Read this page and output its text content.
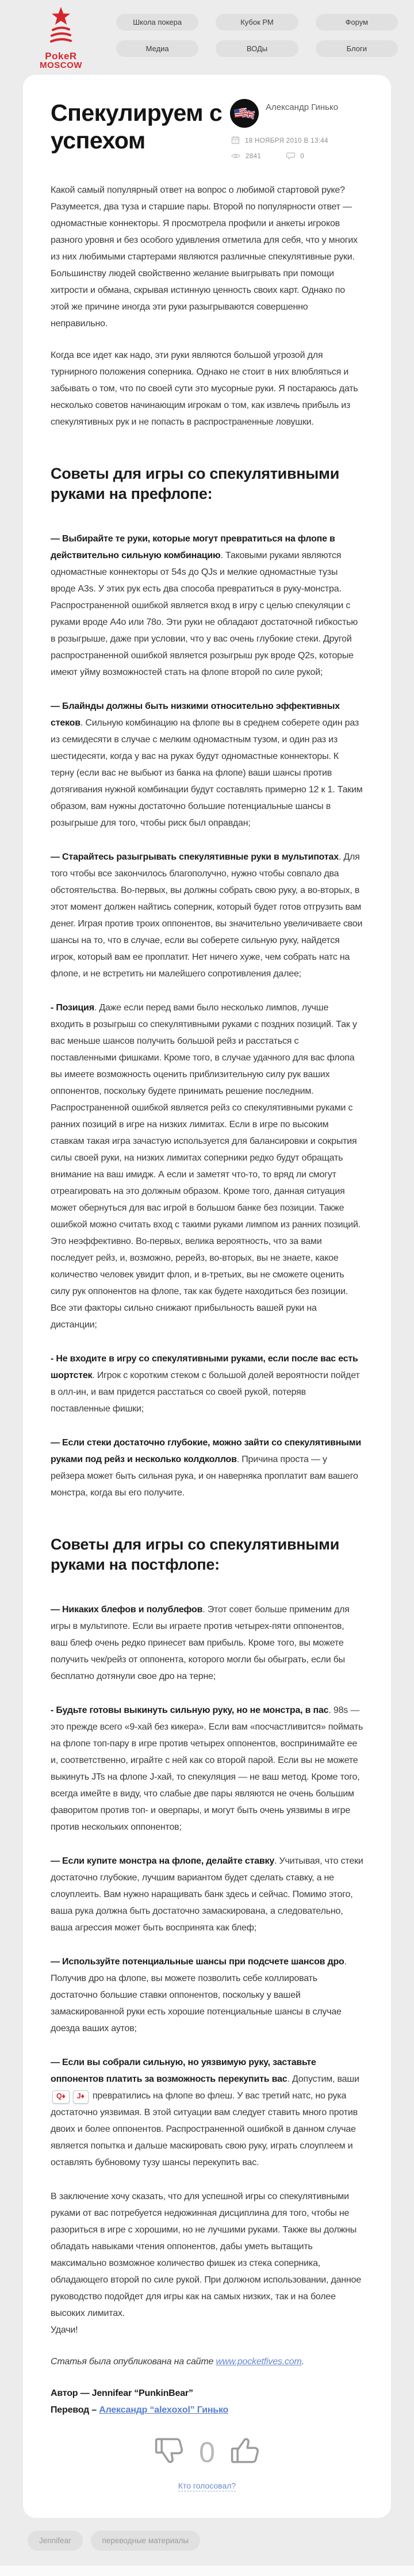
PokeR
MOSCOW
Школа покера	Кубок РМ	Форум
Медиа	ВОДы	Блоги
Спекулируем с успехом
Александр Гинько
18 НОЯБРЯ 2010 В 13:44
2841	0

Какой самый популярный ответ на вопрос о любимой стартовой руке? Разумеется, два туза и старшие пары. Второй по популярности ответ — одномастные коннекторы. Я просмотрела профили и анкеты игроков разного уровня и без особого удивления отметила для себя, что у многих из них любимыми стартерами являются различные спекулятивные руки. Большинству людей свойственно желание выигрывать при помощи хитрости и обмана, скрывая истинную ценность своих карт. Однако по этой же причине иногда эти руки разыгрываются совершенно неправильно.

Когда все идет как надо, эти руки являются большой угрозой для турнирного положения соперника. Однако не стоит в них влюбляться и забывать о том, что по своей сути это мусорные руки. Я постараюсь дать несколько советов начинающим игрокам о том, как извлечь прибыль из спекулятивных рук и не попасть в распространенные ловушки.

Советы для игры со спекулятивными руками на префлопе:

— Выбирайте те руки, которые могут превратиться на флопе в действительно сильную комбинацию. Таковыми руками являются одномастные коннекторы от 54s до QJs и мелкие одномастные тузы вроде A3s. У этих рук есть два способа превратиться в руку-монстра. Распространенной ошибкой является вход в игру с целью спекуляции с руками вроде A4o или 78o. Эти руки не обладают достаточной гибкостью в розыгрыше, даже при условии, что у вас очень глубокие стеки. Другой распространенной ошибкой является розыгрыш рук вроде Q2s, которые имеют уйму возможностей стать на флопе второй по силе рукой;

— Блайнды должны быть низкими относительно эффективных стеков. Сильную комбинацию на флопе вы в среднем соберете один раз из семидесяти в случае с мелким одномастным тузом, и один раз из шестидесяти, когда у вас на руках будут одномастные коннекторы. К терну (если вас не выбьют из банка на флопе) ваши шансы против дотягивания нужной комбинации будут составлять примерно 12 к 1. Таким образом, вам нужны достаточно большие потенциальные шансы в розыгрыше для того, чтобы риск был оправдан;

— Старайтесь разыгрывать спекулятивные руки в мультипотах. Для того чтобы все закончилось благополучно, нужно чтобы совпало два обстоятельства. Во-первых, вы должны собрать свою руку, а во-вторых, в этот момент должен найтись соперник, который будет готов отгрузить вам денег. Играя против троих оппонентов, вы значительно увеличиваете свои шансы на то, что в случае, если вы соберете сильную руку, найдется игрок, который вам ее проплатит. Нет ничего хуже, чем собрать натс на флопе, и не встретить ни малейшего сопротивления далее;

- Позиция. Даже если перед вами было несколько лимпов, лучше входить в розыгрыш со спекулятивными руками с поздних позиций. Так у вас меньше шансов получить большой рейз и расстаться с поставленными фишками. Кроме того, в случае удачного для вас флопа вы имеете возможность оценить приблизительную силу рук ваших оппонентов, поскольку будете принимать решение последним. Распространенной ошибкой является рейз со спекулятивными руками с ранних позиций в игре на низких лимитах. Если в игре по высоким ставкам такая игра зачастую используется для балансировки и сокрытия силы своей руки, на низких лимитах соперники редко будут обращать внимание на ваш имидж. А если и заметят что-то, то вряд ли смогут отреагировать на это должным образом. Кроме того, данная ситуация может обернуться для вас игрой в большом банке без позиции. Также ошибкой можно считать вход с такими руками лимпом из ранних позиций. Это неэффективно. Во-первых, велика вероятность, что за вами последует рейз, и, возможно, ререйз, во-вторых, вы не знаете, какое количество человек увидит флоп, и в-третьих, вы не сможете оценить силу рук оппонентов на флопе, так как будете находиться без позиции. Все эти факторы сильно снижают прибыльность вашей руки на дистанции;

- Не входите в игру со спекулятивными руками, если после вас есть шортстек. Игрок с коротким стеком с большой долей вероятности пойдет в олл-ин, и вам придется расстаться со своей рукой, потеряв поставленные фишки;

— Если стеки достаточно глубокие, можно зайти со спекулятивными руками под рейз и несколько колдколлов. Причина проста — у рейзера может быть сильная рука, и он наверняка проплатит вам вашего монстра, когда вы его получите.

Советы для игры со спекулятивными руками на постфлопе:

— Никаких блефов и полублефов. Этот совет больше применим для игры в мультипоте. Если вы играете против четырех-пяти оппонентов, ваш блеф очень редко принесет вам прибыль. Кроме того, вы можете получить чек/рейз от оппонента, которого могли бы обыграть, если бы бесплатно дотянули свое дро на терне;

- Будьте готовы выкинуть сильную руку, но не монстра, в пас. 98s — это прежде всего «9-хай без кикера». Если вам «посчастливится» поймать на флопе топ-пару в игре против четырех оппонентов, воспринимайте ее и, соответственно, играйте с ней как со второй парой. Если вы не можете выкинуть JTs на флопе J-хай, то спекуляция — не ваш метод. Кроме того, всегда имейте в виду, что слабые две пары являются не очень большим фаворитом против топ- и оверпары, и могут быть очень уязвимы в игре против нескольких оппонентов;

— Если купите монстра на флопе, делайте ставку. Учитывая, что стеки достаточно глубокие, лучшим вариантом будет сделать ставку, а не слоуплеить. Вам нужно наращивать банк здесь и сейчас. Помимо этого, ваша рука должна быть достаточно замаскирована, а следовательно, ваша агрессия может быть воспринята как блеф;

— Используйте потенциальные шансы при подсчете шансов дро. Получив дро на флопе, вы можете позволить себе коллировать достаточно большие ставки оппонентов, поскольку у вашей замаскированной руки есть хорошие потенциальные шансы в случае доезда ваших аутов;

— Если вы собрали сильную, но уязвимую руку, заставьте оппонентов платить за возможность перекупить вас. Допустим, ваши Q♦ J♦ превратились на флопе во флеш. У вас третий натс, но рука достаточно уязвимая. В этой ситуации вам следует ставить много против двоих и более оппонентов. Распространенной ошибкой в данном случае является попытка и дальше маскировать свою руку, играть слоуплеем и оставлять бубновому тузу шансы перекупить вас.

В заключение хочу сказать, что для успешной игры со спекулятивными руками от вас потребуется недюжинная дисциплина для того, чтобы не разориться в игре с хорошими, но не лучшими руками. Также вы должны обладать навыками чтения оппонентов, дабы уметь вытащить максимально возможное количество фишек из стека соперника, обладающего второй по силе рукой. При должном использовании, данное руководство подойдет для игры как на самых низких, так и на более высоких лимитах.
Удачи!

Статья была опубликована на сайте www.pocketfives.com.

Автор — Jennifear “PunkinBear”
Перевод – Александр “alexoxol” Гинько

0
Кто голосовал?
Jennifear	переводные материалы
